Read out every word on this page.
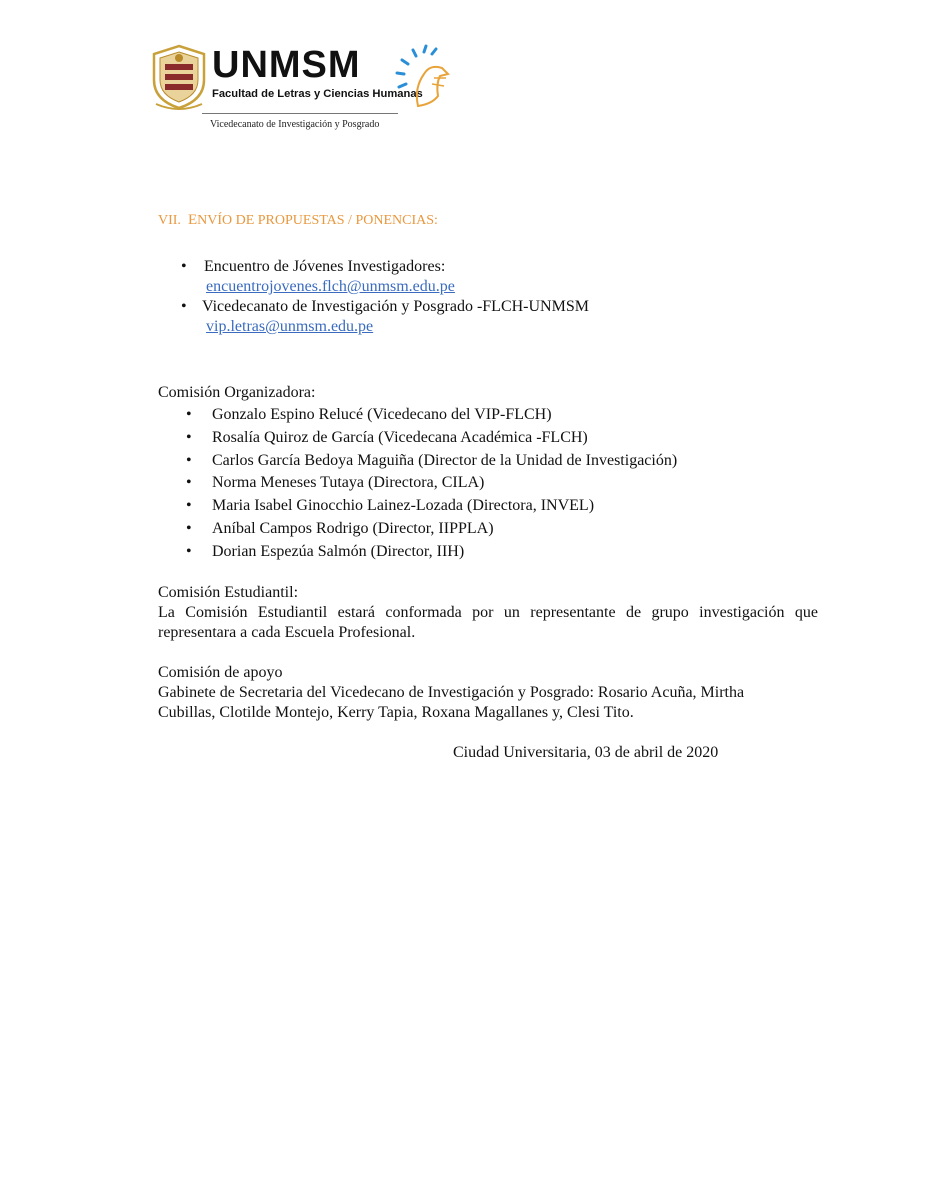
UNMSM
Facultad de Letras y Ciencias Humanas
Vicedecanato de Investigación y Posgrado
VII. ENVÍO DE PROPUESTAS / PONENCIAS:
• Encuentro de Jóvenes Investigadores:
encuentrojovenes.flch@unmsm.edu.pe
• Vicedecanato de Investigación y Posgrado -FLCH-UNMSM
vip.letras@unmsm.edu.pe
Comisión Organizadora:
• Gonzalo Espino Relucé (Vicedecano del VIP-FLCH)
• Rosalía Quiroz de García (Vicedecana Académica -FLCH)
• Carlos García Bedoya Maguiña (Director de la Unidad de Investigación)
• Norma Meneses Tutaya (Directora, CILA)
• Maria Isabel Ginocchio Lainez-Lozada (Directora, INVEL)
• Aníbal Campos Rodrigo (Director, IIPPLA)
• Dorian Espezúa Salmón (Director, IIH)
Comisión Estudiantil:
La Comisión Estudiantil estará conformada por un representante de grupo investigación que representara a cada Escuela Profesional.
Comisión de apoyo
Gabinete de Secretaria del Vicedecano de Investigación y Posgrado: Rosario Acuña, Mirtha Cubillas, Clotilde Montejo, Kerry Tapia, Roxana Magallanes y, Clesi Tito.
Ciudad Universitaria, 03 de abril de 2020
